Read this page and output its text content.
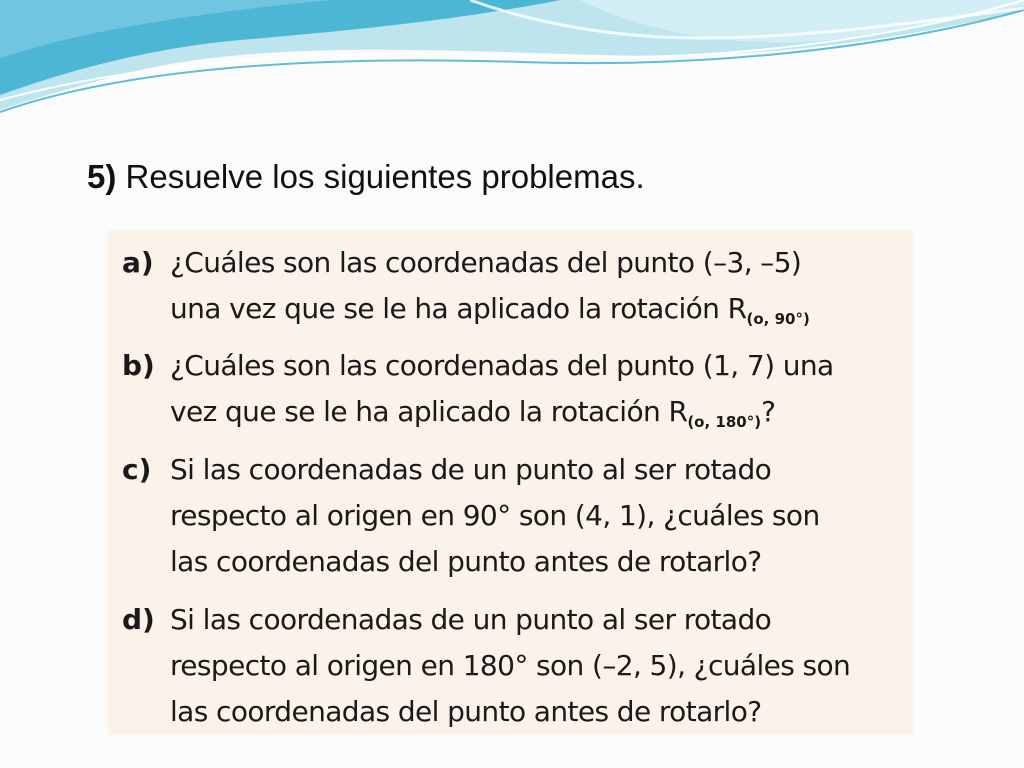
5) Resuelve los siguientes problemas.
a) ¿Cuáles son las coordenadas del punto (–3, –5)
una vez que se le ha aplicado la rotación $R_{(o, 90^\circ)}$
b) ¿Cuáles son las coordenadas del punto (1, 7) una
vez que se le ha aplicado la rotación $R_{(o, 180^\circ)}$?
c) Si las coordenadas de un punto al ser rotado
respecto al origen en 90° son (4, 1), ¿cuáles son
las coordenadas del punto antes de rotarlo?
d) Si las coordenadas de un punto al ser rotado
respecto al origen en 180° son (–2, 5), ¿cuáles son
las coordenadas del punto antes de rotarlo?
